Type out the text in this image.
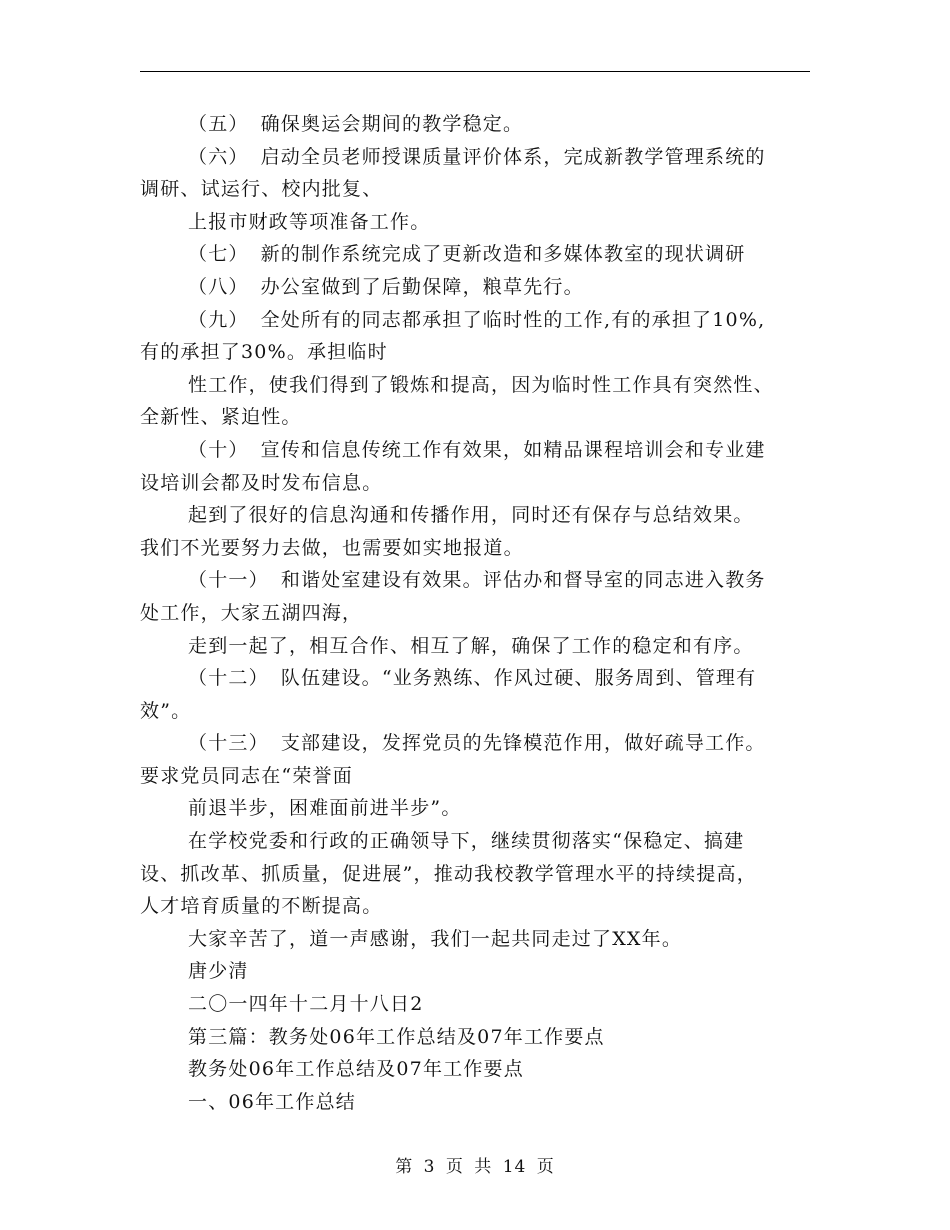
（五） 确保奥运会期间的教学稳定。
（六） 启动全员老师授课质量评价体系，完成新教学管理系统的
调研、试运行、校内批复、
上报市财政等项准备工作。
（七） 新的制作系统完成了更新改造和多媒体教室的现状调研
（八） 办公室做到了后勤保障，粮草先行。
（九） 全处所有的同志都承担了临时性的工作,有的承担了10%,
有的承担了30%。承担临时
性工作，使我们得到了锻炼和提高，因为临时性工作具有突然性、
全新性、紧迫性。
（十） 宣传和信息传统工作有效果，如精品课程培训会和专业建
设培训会都及时发布信息。
起到了很好的信息沟通和传播作用，同时还有保存与总结效果。
我们不光要努力去做，也需要如实地报道。
（十一） 和谐处室建设有效果。评估办和督导室的同志进入教务
处工作，大家五湖四海，
走到一起了，相互合作、相互了解，确保了工作的稳定和有序。
（十二） 队伍建设。“业务熟练、作风过硬、服务周到、管理有
效”。
（十三） 支部建设，发挥党员的先锋模范作用，做好疏导工作。
要求党员同志在“荣誉面
前退半步，困难面前进半步”。
在学校党委和行政的正确领导下，继续贯彻落实“保稳定、搞建
设、抓改革、抓质量，促进展”，推动我校教学管理水平的持续提高，
人才培育质量的不断提高。
大家辛苦了，道一声感谢，我们一起共同走过了XX年。
唐少清
二〇一四年十二月十八日2
第三篇：教务处06年工作总结及07年工作要点
教务处06年工作总结及07年工作要点
一、06年工作总结
第 3 页 共 14 页
